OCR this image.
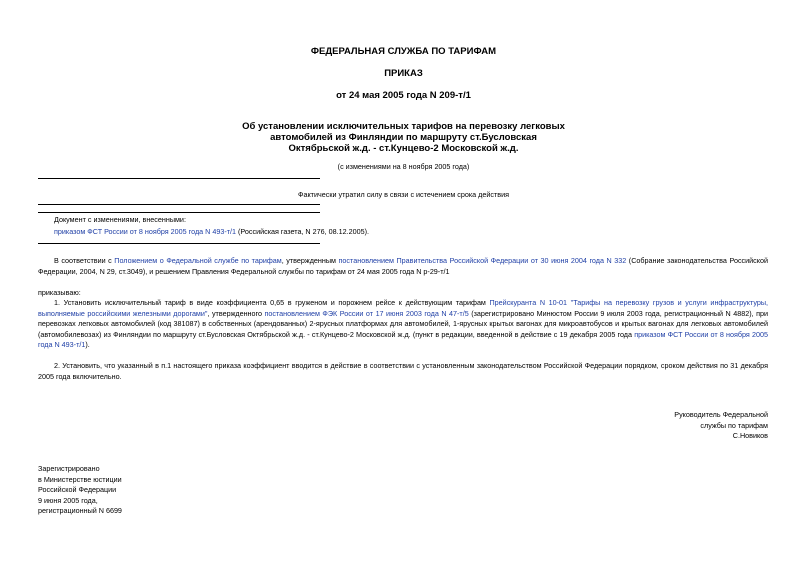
ФЕДЕРАЛЬНАЯ СЛУЖБА ПО ТАРИФАМ
ПРИКАЗ
от 24 мая 2005 года N 209-т/1
Об установлении исключительных тарифов на перевозку легковых
автомобилей из Финляндии по маршруту ст.Бусловская
Октябрьской ж.д. - ст.Кунцево-2 Московской ж.д.
(с изменениями на 8 ноября 2005 года)
Фактически утратил силу в связи с истечением срока действия
Документ с изменениями, внесенными:
приказом ФСТ России от 8 ноября 2005 года N 493-т/1 (Российская газета, N 276, 08.12.2005).
В соответствии с Положением о Федеральной службе по тарифам, утвержденным постановлением Правительства Российской Федерации от 30 июня 2004 года N 332 (Собрание законодательства Российской Федерации, 2004, N 29, ст.3049), и решением Правления Федеральной службы по тарифам от 24 мая 2005 года N р-29-т/1
приказываю:
1. Установить исключительный тариф в виде коэффициента 0,65 в груженом и порожнем рейсе к действующим тарифам Прейскуранта N 10-01 "Тарифы на перевозку грузов и услуги инфраструктуры, выполняемые российскими железными дорогами", утвержденного постановлением ФЭК России от 17 июня 2003 года N 47-т/5 (зарегистрировано Минюстом России 9 июля 2003 года, регистрационный N 4882), при перевозках легковых автомобилей (код 381087) в собственных (арендованных) 2-ярусных платформах для автомобилей, 1-ярусных крытых вагонах для микроавтобусов и крытых вагонах для легковых автомобилей (автомобилевозах) из Финляндии по маршруту ст.Бусловская Октябрьской ж.д. - ст.Кунцево-2 Московской ж.д. (пункт в редакции, введенной в действие с 19 декабря 2005 года приказом ФСТ России от 8 ноября 2005 года N 493-т/1).
2. Установить, что указанный в п.1 настоящего приказа коэффициент вводится в действие в соответствии с установленным законодательством Российской Федерации порядком, сроком действия по 31 декабря 2005 года включительно.
Руководитель Федеральной
службы по тарифам
С.Новиков
Зарегистрировано
в Министерстве юстиции
Российской Федерации
9 июня 2005 года,
регистрационный N 6699
